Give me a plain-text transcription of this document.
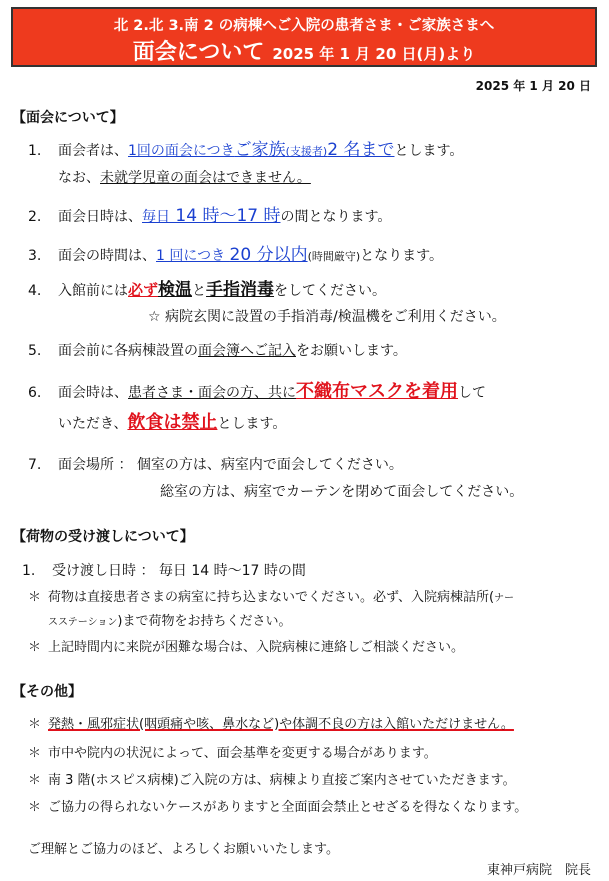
北 2.北 3.南 2 の病棟へご入院の患者さま・ご家族さまへ
面会について 2025 年 1 月 20 日(月)より
2025 年 1 月 20 日
【面会について】
1. 面会者は、1回の面会につきご家族(支援者)2 名までとします。
なお、未就学児童の面会はできません。
2. 面会日時は、毎日 14 時～17 時の間となります。
3. 面会の時間は、1 回につき 20 分以内(時間厳守)となります。
4. 入館前には必ず検温と手指消毒をしてください。
☆ 病院玄関に設置の手指消毒/検温機をご利用ください。
5. 面会前に各病棟設置の面会簿へご記入をお願いします。
6. 面会時は、患者さま・面会の方、共に不織布マスクを着用して
いただき、飲食は禁止とします。
7. 面会場所 ： 個室の方は、病室内で面会してください。
総室の方は、病室でカーテンを閉めて面会してください。
【荷物の受け渡しについて】
1. 受け渡し日時 ： 毎日 14 時～17 時の間
＊ 荷物は直接患者さまの病室に持ち込まないでください。必ず、入院病棟詰所(ナー
スステーション)まで荷物をお持ちください。
＊ 上記時間内に来院が困難な場合は、入院病棟に連絡しご相談ください。
【その他】
＊ 発熱・風邪症状(咽頭痛や咳、鼻水など)や体調不良の方は入館いただけません。
＊ 市中や院内の状況によって、面会基準を変更する場合があります。
＊ 南 3 階(ホスピス病棟)ご入院の方は、病棟より直接ご案内させていただきます。
＊ ご協力の得られないケースがありますと全面面会禁止とせざるを得なくなります。
ご理解とご協力のほど、よろしくお願いいたします。
東神戸病院　院長
